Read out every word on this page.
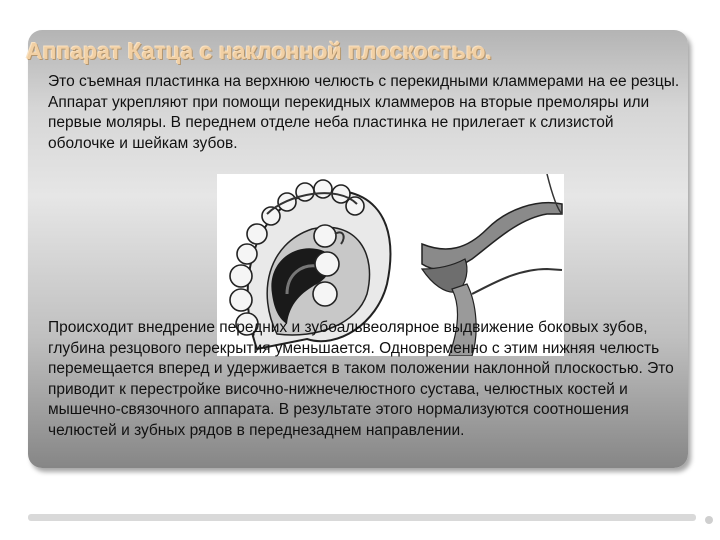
Аппарат Катца с наклонной плоскостью.

Это съемная пластинка на верхнюю челюсть с перекидными кламмерами на ее резцы. Аппарат укрепляют при помощи перекидных кламмеров на вторые премоляры или первые моляры. В переднем отделе неба пластинка не прилегает к слизистой оболочке и шейкам зубов.

Происходит внедрение передних и зубоальвеолярное выдвижение боковых зубов, глубина резцового перекрытия уменьшается. Одновременно с этим нижняя челюсть перемещается вперед и удерживается в таком положении наклонной плоскостью. Это приводит к перестройке височно-нижнечелюстного сустава, челюстных костей и мышечно-связочного аппарата. В результате этого нормализуются соотношения челюстей и зубных рядов в переднезаднем направлении.
